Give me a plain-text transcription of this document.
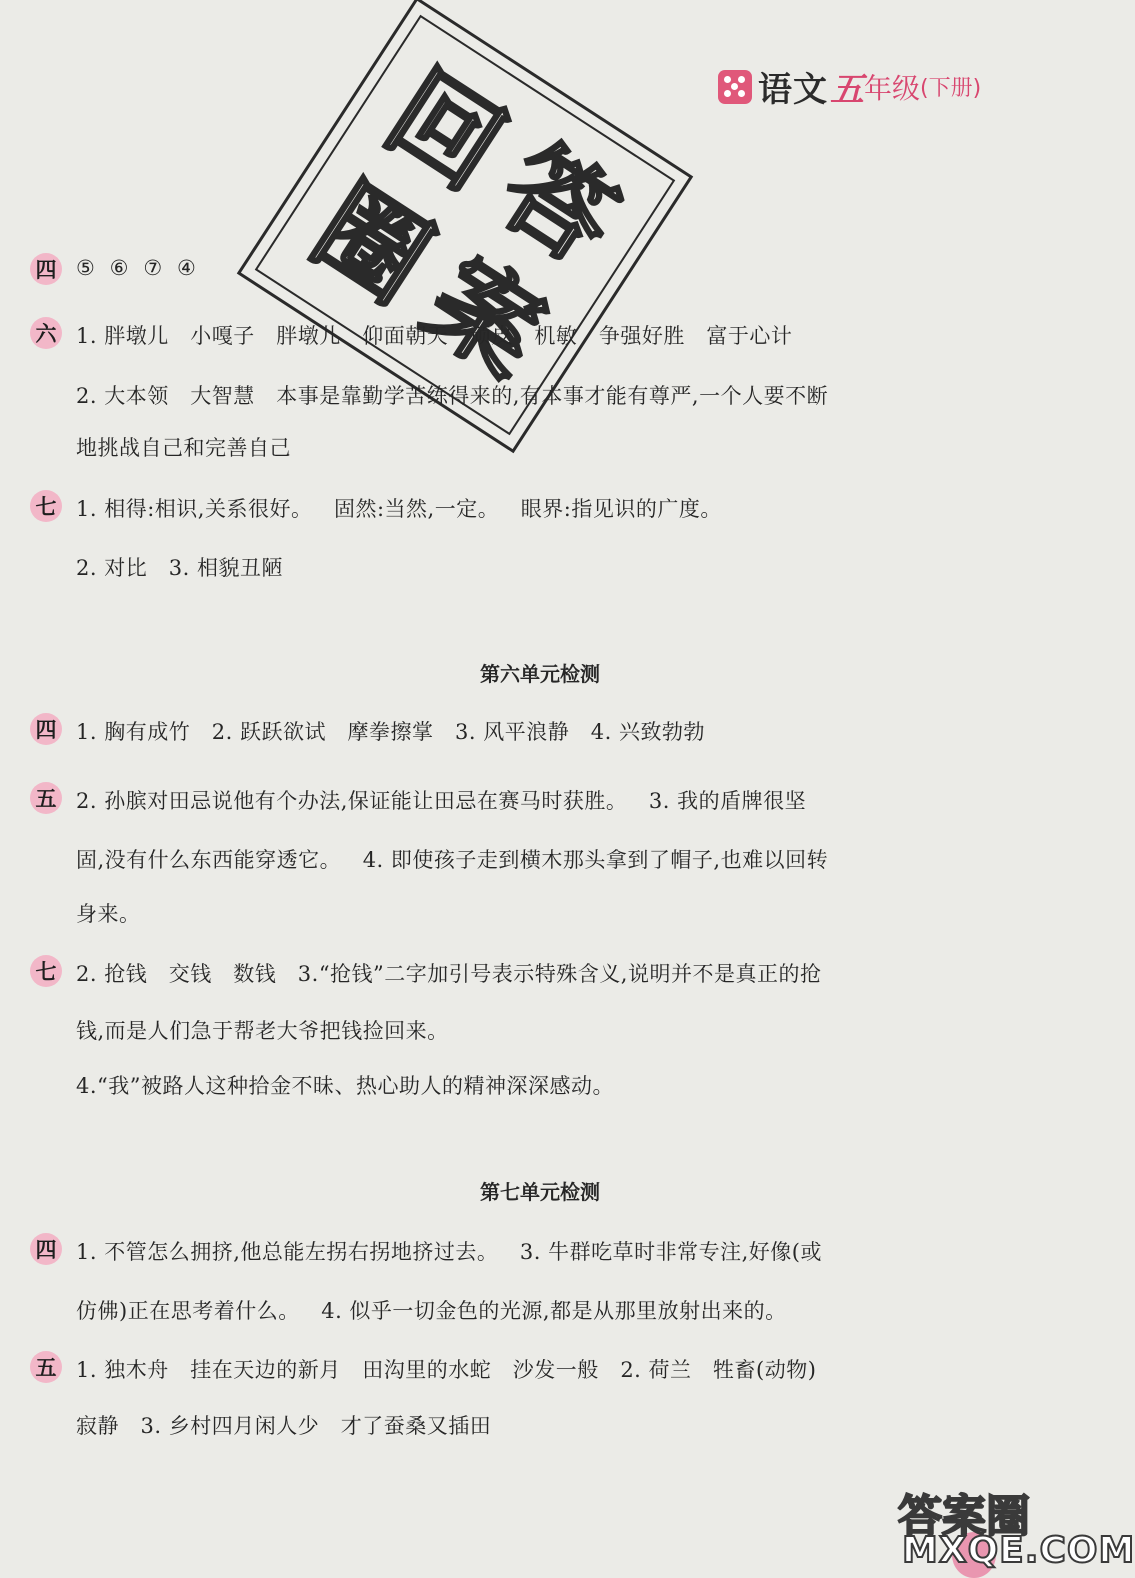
语文 五 年级 (下册)
回
答
圈
案
四 ⑤  ⑥  ⑦  ④
六 1. 胖墩儿   小嘎子   胖墩儿   仰面朝天   顽皮   机敏   争强好胜   富于心计
2. 大本领   大智慧   本事是靠勤学苦练得来的,有本事才能有尊严,一个人要不断
地挑战自己和完善自己
七 1. 相得:相识,关系很好。   固然:当然,一定。   眼界:指见识的广度。
2. 对比   3. 相貌丑陋
第六单元检测
四 1. 胸有成竹   2. 跃跃欲试   摩拳擦掌   3. 风平浪静   4. 兴致勃勃
五 2. 孙膑对田忌说他有个办法,保证能让田忌在赛马时获胜。   3. 我的盾牌很坚
固,没有什么东西能穿透它。   4. 即使孩子走到横木那头拿到了帽子,也难以回转
身来。
七 2. 抢钱   交钱   数钱   3.“抢钱”二字加引号表示特殊含义,说明并不是真正的抢
钱,而是人们急于帮老大爷把钱捡回来。
4.“我”被路人这种拾金不昧、热心助人的精神深深感动。
第七单元检测
四 1. 不管怎么拥挤,他总能左拐右拐地挤过去。   3. 牛群吃草时非常专注,好像(或
仿佛)正在思考着什么。   4. 似乎一切金色的光源,都是从那里放射出来的。
五 1. 独木舟   挂在天边的新月   田沟里的水蛇   沙发一般   2. 荷兰   牲畜(动物)
寂静   3. 乡村四月闲人少   才了蚕桑又插田
答案圈
MXQE.COM
